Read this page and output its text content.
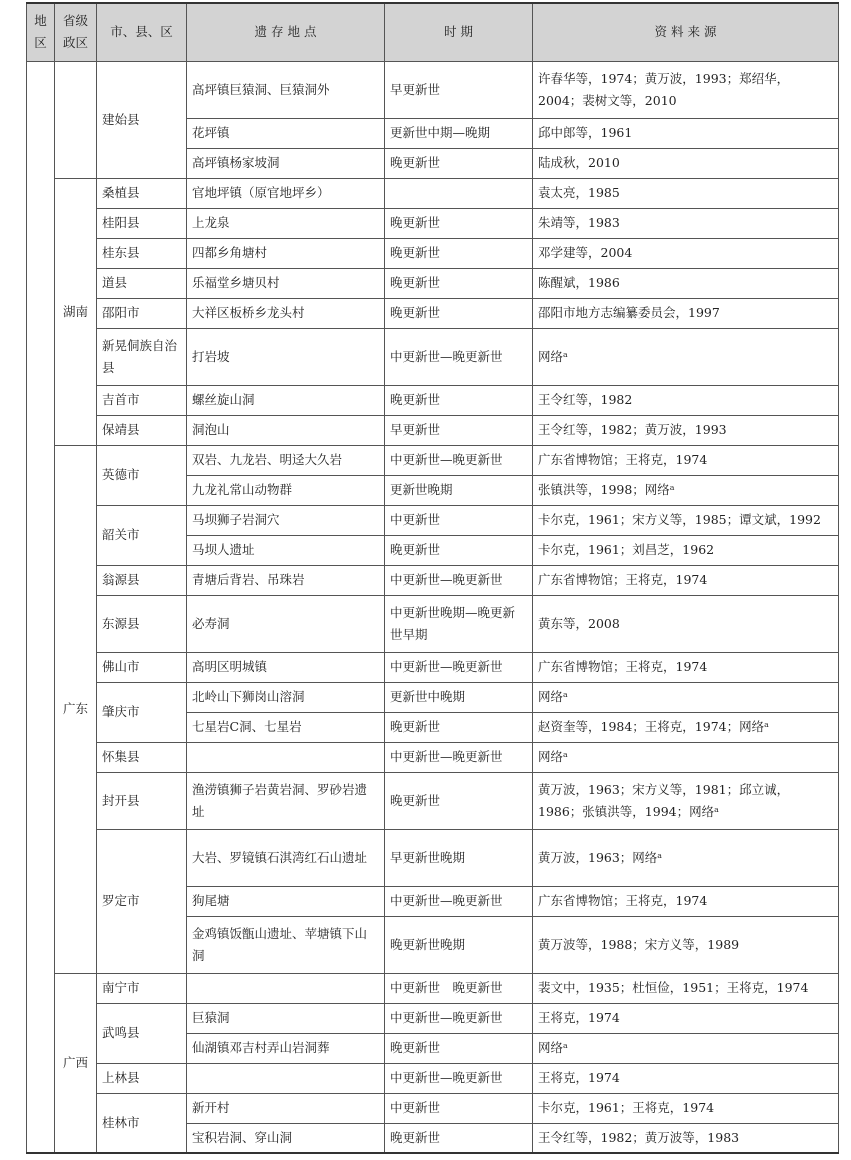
地区	省级政区	市、县、区	遗 存 地 点	时 期	资 料 来 源
		建始县	高坪镇巨猿洞、巨猿洞外	早更新世	许春华等，1974；黄万波，1993；郑绍华，2004；裴树文等，2010
			花坪镇	更新世中期—晚期	邱中郎等，1961
			高坪镇杨家坡洞	晚更新世	陆成秋，2010
	湖南	桑植县	官地坪镇（原官地坪乡）		袁太亮，1985
		桂阳县	上龙泉	晚更新世	朱靖等，1983
		桂东县	四都乡角塘村	晚更新世	邓学建等，2004
		道县	乐福堂乡塘贝村	晚更新世	陈醒斌，1986
		邵阳市	大祥区板桥乡龙头村	晚更新世	邵阳市地方志编纂委员会，1997
		新晃侗族自治县	打岩坡	中更新世—晚更新世	网络ᵃ
		吉首市	螺丝旋山洞	晚更新世	王令红等，1982
		保靖县	洞泡山	早更新世	王令红等，1982；黄万波，1993
	广东	英德市	双岩、九龙岩、明迳大久岩	中更新世—晚更新世	广东省博物馆；王将克，1974
			九龙礼常山动物群	更新世晚期	张镇洪等，1998；网络ᵃ
		韶关市	马坝狮子岩洞穴	中更新世	卡尔克，1961；宋方义等，1985；谭文斌，1992
			马坝人遗址	晚更新世	卡尔克，1961；刘昌芝，1962
		翁源县	青塘后背岩、吊珠岩	中更新世—晚更新世	广东省博物馆；王将克，1974
		东源县	必寿洞	中更新世晚期—晚更新世早期	黄东等，2008
		佛山市	高明区明城镇	中更新世—晚更新世	广东省博物馆；王将克，1974
		肇庆市	北岭山下狮岗山溶洞	更新世中晚期	网络ᵃ
			七星岩C洞、七星岩	晚更新世	赵资奎等，1984；王将克，1974；网络ᵃ
		怀集县		中更新世—晚更新世	网络ᵃ
		封开县	渔涝镇狮子岩黄岩洞、罗砂岩遗址	晚更新世	黄万波，1963；宋方义等，1981；邱立诚，1986；张镇洪等，1994；网络ᵃ
		罗定市	大岩、罗镜镇石淇湾红石山遗址	早更新世晚期	黄万波，1963；网络ᵃ
			狗尾塘	中更新世—晚更新世	广东省博物馆；王将克，1974
			金鸡镇饭甑山遗址、苹塘镇下山洞	晚更新世晚期	黄万波等，1988；宋方义等，1989
	广西	南宁市		中更新世　晚更新世	裴文中，1935；杜恒俭，1951；王将克，1974
		武鸣县	巨猿洞	中更新世—晚更新世	王将克，1974
			仙湖镇邓吉村弄山岩洞葬	晚更新世	网络ᵃ
		上林县		中更新世—晚更新世	王将克，1974
		桂林市	新开村	中更新世	卡尔克，1961；王将克，1974
			宝积岩洞、穿山洞	晚更新世	王令红等，1982；黄万波等，1983
